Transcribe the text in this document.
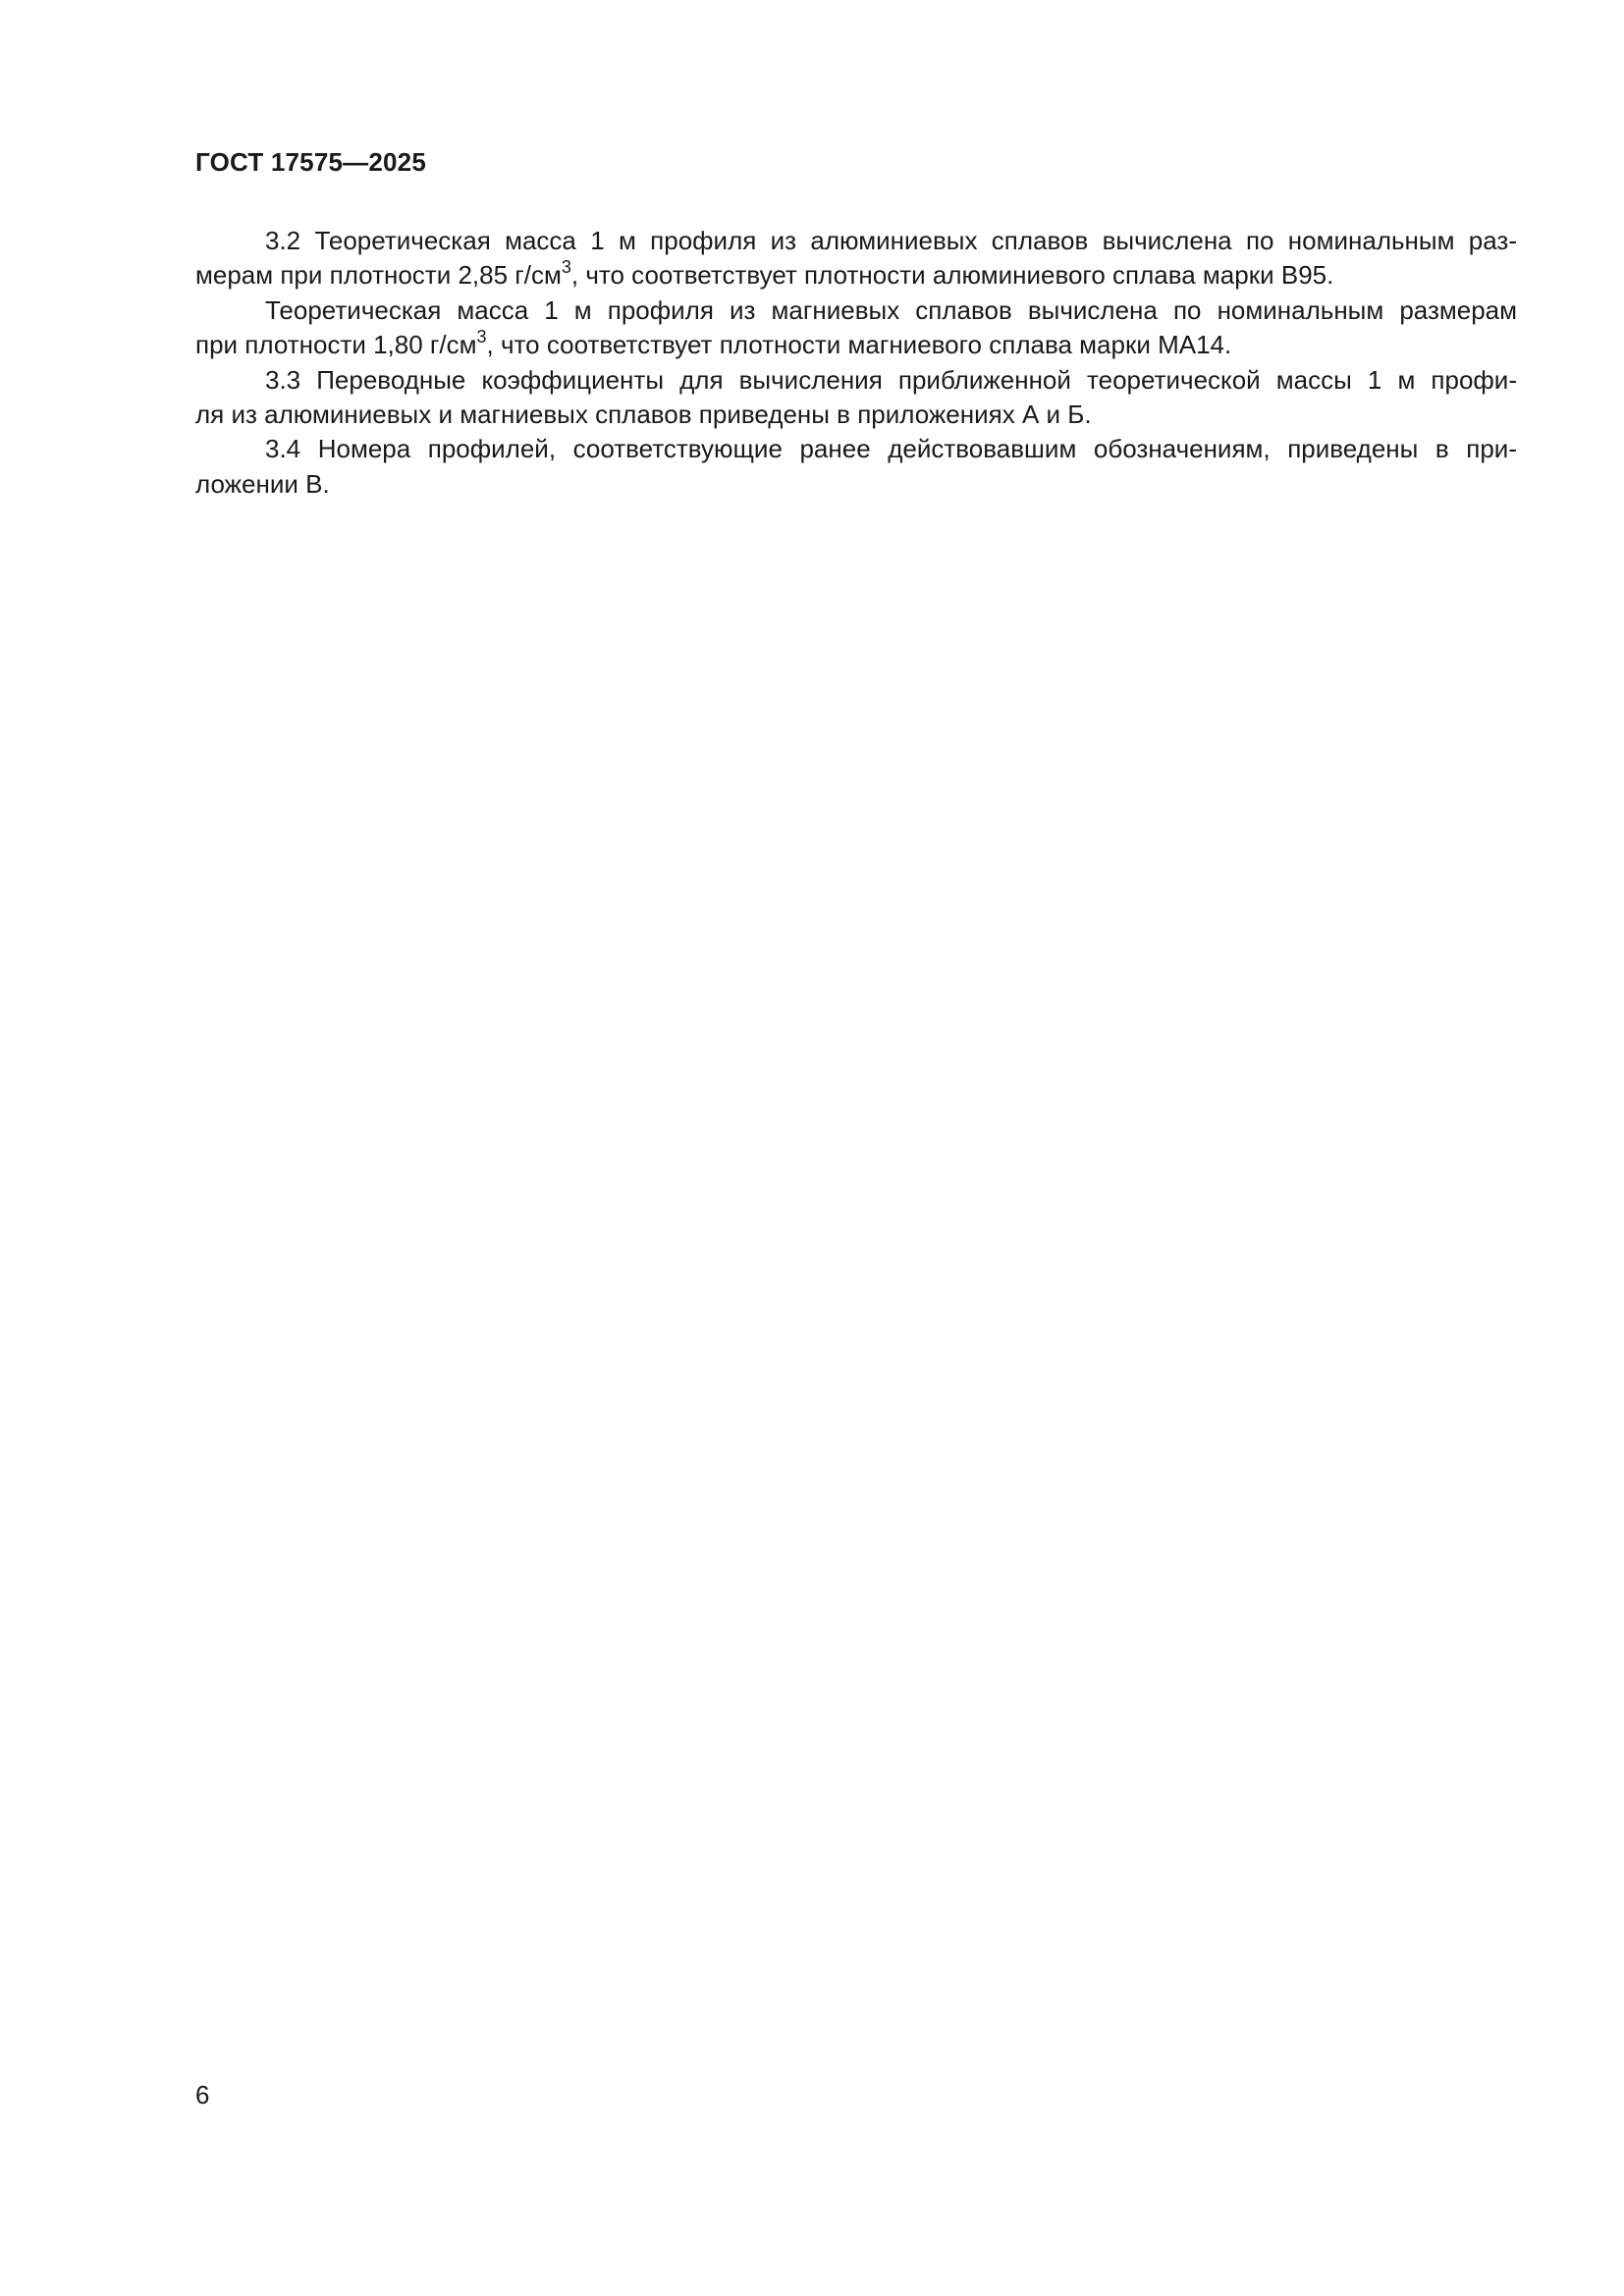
ГОСТ 17575—2025

3.2 Теоретическая масса 1 м профиля из алюминиевых сплавов вычислена по номинальным раз-
мерам при плотности 2,85 $г/см^3$, что соответствует плотности алюминиевого сплава марки В95.

Теоретическая масса 1 м профиля из магниевых сплавов вычислена по номинальным размерам
при плотности 1,80 $г/см^3$, что соответствует плотности магниевого сплава марки МА14.

3.3 Переводные коэффициенты для вычисления приближенной теоретической массы 1 м профи-
ля из алюминиевых и магниевых сплавов приведены в приложениях А и Б.

3.4 Номера профилей, соответствующие ранее действовавшим обозначениям, приведены в при-
ложении В.

6
